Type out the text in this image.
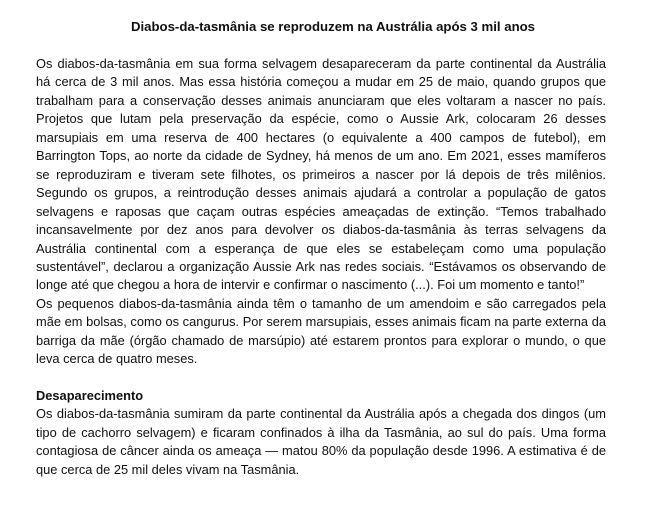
Diabos-da-tasmânia se reproduzem na Austrália após 3 mil anos

Os diabos-da-tasmânia em sua forma selvagem desapareceram da parte continental da Austrália há cerca de 3 mil anos. Mas essa história começou a mudar em 25 de maio, quando grupos que trabalham para a conservação desses animais anunciaram que eles voltaram a nascer no país. Projetos que lutam pela preservação da espécie, como o Aussie Ark, colocaram 26 desses marsupiais em uma reserva de 400 hectares (o equivalente a 400 campos de futebol), em Barrington Tops, ao norte da cidade de Sydney, há menos de um ano. Em 2021, esses mamíferos se reproduziram e tiveram sete filhotes, os primeiros a nascer por lá depois de três milênios. Segundo os grupos, a reintrodução desses animais ajudará a controlar a população de gatos selvagens e raposas que caçam outras espécies ameaçadas de extinção. “Temos trabalhado incansavelmente por dez anos para devolver os diabos-da-tasmânia às terras selvagens da Austrália continental com a esperança de que eles se estabeleçam como uma população sustentável”, declarou a organização Aussie Ark nas redes sociais. “Estávamos os observando de longe até que chegou a hora de intervir e confirmar o nascimento (...). Foi um momento e tanto!”

Os pequenos diabos-da-tasmânia ainda têm o tamanho de um amendoim e são carregados pela mãe em bolsas, como os cangurus. Por serem marsupiais, esses animais ficam na parte externa da barriga da mãe (órgão chamado de marsúpio) até estarem prontos para explorar o mundo, o que leva cerca de quatro meses.

Desaparecimento

Os diabos-da-tasmânia sumiram da parte continental da Austrália após a chegada dos dingos (um tipo de cachorro selvagem) e ficaram confinados à ilha da Tasmânia, ao sul do país. Uma forma contagiosa de câncer ainda os ameaça — matou 80% da população desde 1996. A estimativa é de que cerca de 25 mil deles vivam na Tasmânia.
